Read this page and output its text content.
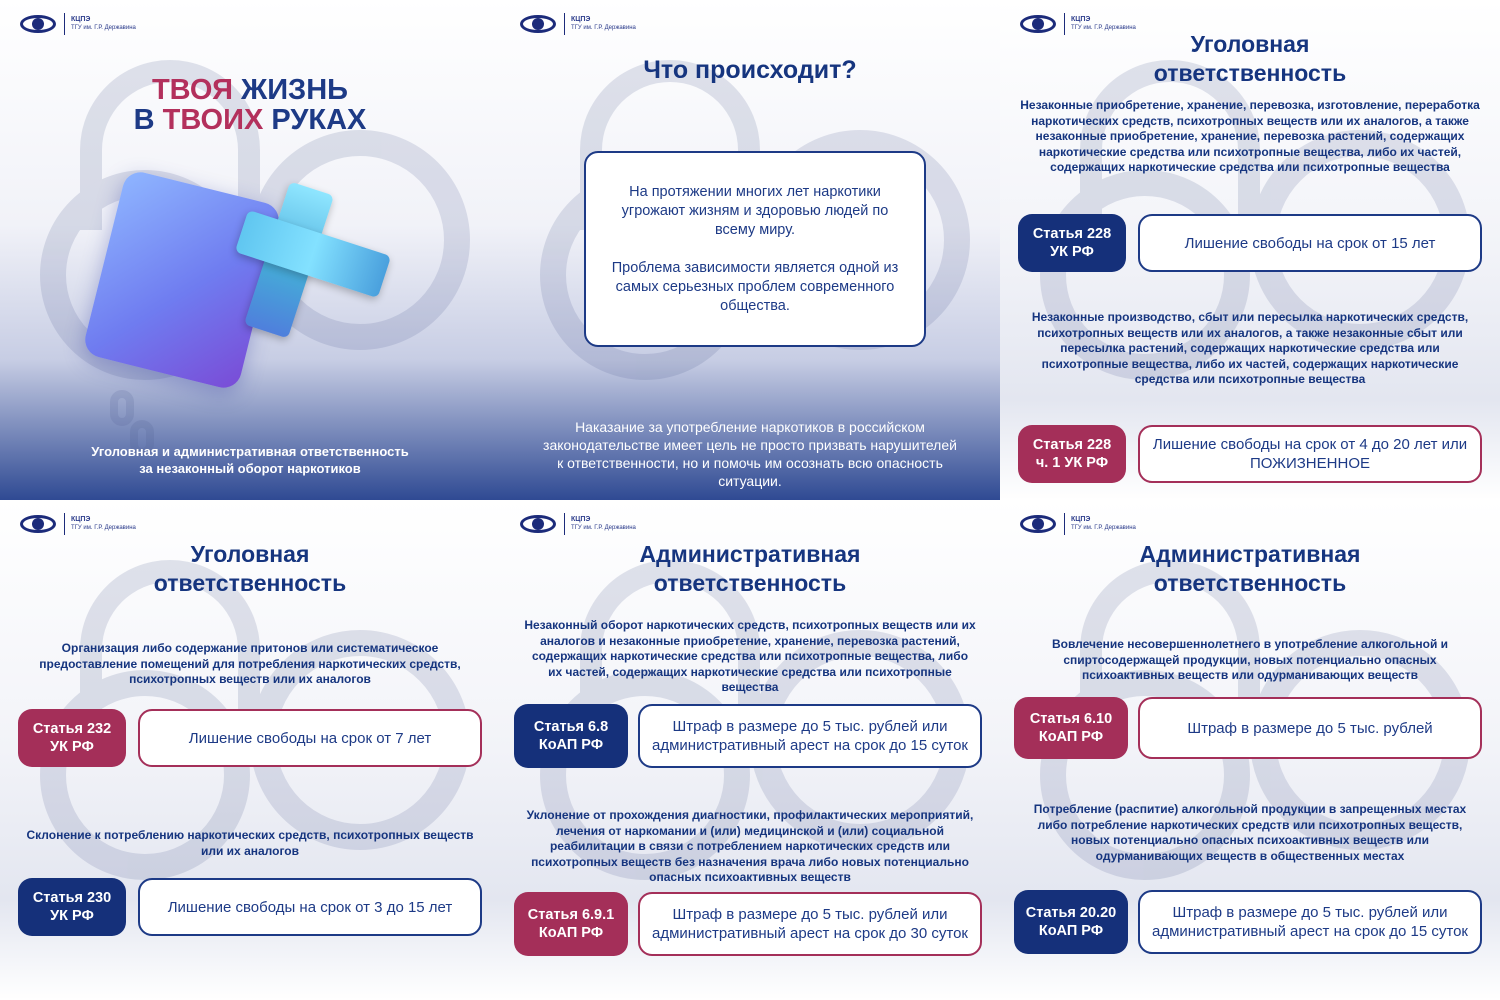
КЦПЭ
ТГУ им. Г.Р. Державина
ТВОЯ ЖИЗНЬ
В ТВОИХ РУКАХ
Уголовная и административная ответственность
за незаконный оборот наркотиков
КЦПЭ
ТГУ им. Г.Р. Державина
Что происходит?

На протяжении многих лет наркотики угрожают жизням и здоровью людей по всему миру.

Проблема зависимости является одной из самых серьезных проблем современного общества.

Наказание за употребление наркотиков в российском законодательстве имеет цель не просто призвать нарушителей к ответственности, но и помочь им осознать всю опасность ситуации.
КЦПЭ
ТГУ им. Г.Р. Державина
Уголовная
ответственность
Незаконные приобретение, хранение, перевозка, изготовление, переработка наркотических средств, психотропных веществ или их аналогов, а также незаконные приобретение, хранение, перевозка растений, содержащих наркотические средства или психотропные вещества, либо их частей, содержащих наркотические средства или психотропные вещества
Статья 228
УК РФ
Лишение свободы на срок от 15 лет
Незаконные производство, сбыт или пересылка наркотических средств, психотропных веществ или их аналогов, а также незаконные сбыт или пересылка растений, содержащих наркотические средства или психотропные вещества, либо их частей, содержащих наркотические средства или психотропные вещества
Статья 228
ч. 1 УК РФ
Лишение свободы на срок от 4 до 20 лет или ПОЖИЗНЕННОЕ
КЦПЭ
ТГУ им. Г.Р. Державина
Уголовная
ответственность
Организация либо содержание притонов или систематическое предоставление помещений для потребления наркотических средств, психотропных веществ или их аналогов
Статья 232
УК РФ
Лишение свободы на срок от 7 лет
Склонение к потреблению наркотических средств, психотропных веществ или их аналогов
Статья 230
УК РФ
Лишение свободы на срок от 3 до 15 лет
КЦПЭ
ТГУ им. Г.Р. Державина
Административная
ответственность
Незаконный оборот наркотических средств, психотропных веществ или их аналогов и незаконные приобретение, хранение, перевозка растений, содержащих наркотические средства или психотропные вещества, либо их частей, содержащих наркотические средства или психотропные вещества
Статья 6.8
КоАП РФ
Штраф в размере до 5 тыс. рублей или административный арест на срок до 15 суток
Уклонение от прохождения диагностики, профилактических мероприятий, лечения от наркомании и (или) медицинской и (или) социальной реабилитации в связи с потреблением наркотических средств или психотропных веществ без назначения врача либо новых потенциально опасных психоактивных веществ
Статья 6.9.1
КоАП РФ
Штраф в размере до 5 тыс. рублей или административный арест на срок до 30 суток
КЦПЭ
ТГУ им. Г.Р. Державина
Административная
ответственность
Вовлечение несовершеннолетнего в употребление алкогольной и спиртосодержащей продукции, новых потенциально опасных психоактивных веществ или одурманивающих веществ
Статья 6.10
КоАП РФ
Штраф в размере до 5 тыс. рублей
Потребление (распитие) алкогольной продукции в запрещенных местах либо потребление наркотических средств или психотропных веществ, новых потенциально опасных психоактивных веществ или одурманивающих веществ в общественных местах
Статья 20.20
КоАП РФ
Штраф в размере до 5 тыс. рублей или административный арест на срок до 15 суток
